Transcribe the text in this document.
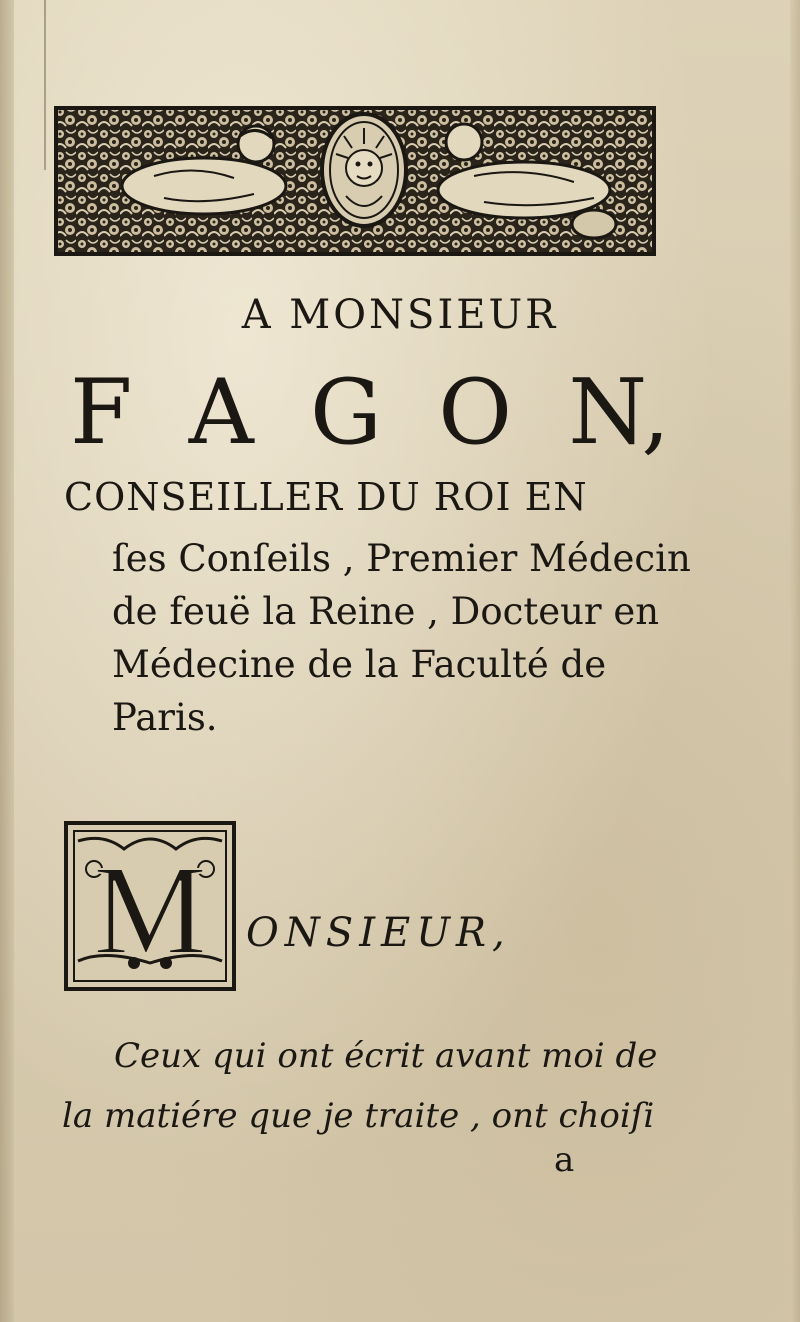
A MONSIEUR
F A G O N,

CONSEILLER DU ROI EN

ſes Conſeils , Premier Médecin
de feuë la Reine , Docteur en
Médecine de la Faculté de
Paris.

M ONSIEUR,

Ceux qui ont écrit avant moi de
la matiére que je traite , ont choiſi

a
